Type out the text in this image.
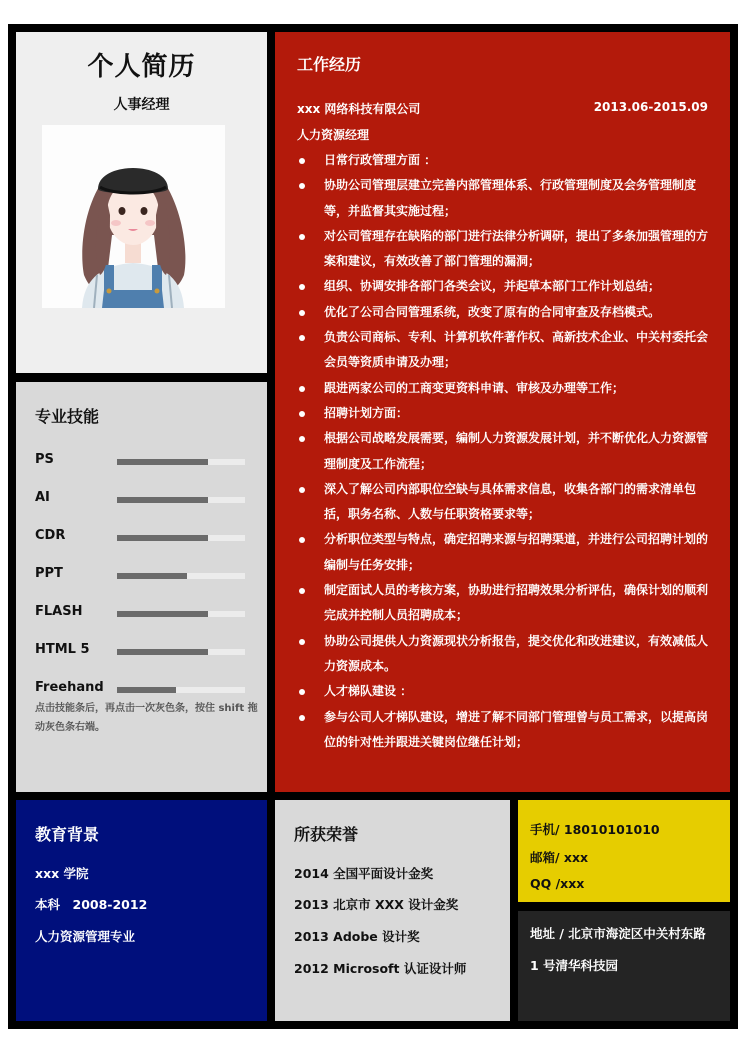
个人简历
人事经理
专业技能
PS
AI
CDR
PPT
FLASH
HTML 5
Freehand
点击技能条后，再点击一次灰色条，按住 shift 拖动灰色条右端。
工作经历
xxx 网络科技有限公司	2013.06-2015.09
人力资源经理
日常行政管理方面 ：
协助公司管理层建立完善内部管理体系、行政管理制度及会务管理制度等，并监督其实施过程；
对公司管理存在缺陷的部门进行法律分析调研，提出了多条加强管理的方案和建议，有效改善了部门管理的漏洞；
组织、协调安排各部门各类会议，并起草本部门工作计划总结；
优化了公司合同管理系统，改变了原有的合同审查及存档模式。
负责公司商标、专利、计算机软件著作权、高新技术企业、中关村委托会会员等资质申请及办理；
跟进两家公司的工商变更资料申请、审核及办理等工作；
招聘计划方面：
根据公司战略发展需要，编制人力资源发展计划，并不断优化人力资源管理制度及工作流程；
深入了解公司内部职位空缺与具体需求信息，收集各部门的需求清单包括，职务名称、人数与任职资格要求等；
分析职位类型与特点，确定招聘来源与招聘渠道，并进行公司招聘计划的编制与任务安排；
制定面试人员的考核方案，协助进行招聘效果分析评估，确保计划的顺利完成并控制人员招聘成本；
协助公司提供人力资源现状分析报告，提交优化和改进建议，有效减低人力资源成本。
人才梯队建设 ：
参与公司人才梯队建设，增进了解不同部门管理曾与员工需求，以提高岗位的针对性并跟进关键岗位继任计划；
教育背景
xxx 学院
本科　2008-2012
人力资源管理专业
所获荣誉
2014 全国平面设计金奖
2013 北京市 XXX 设计金奖
2013 Adobe 设计奖
2012 Microsoft 认证设计师
手机/ 18010101010
邮箱/ xxx
QQ /xxx
地址 / 北京市海淀区中关村东路
1 号清华科技园
